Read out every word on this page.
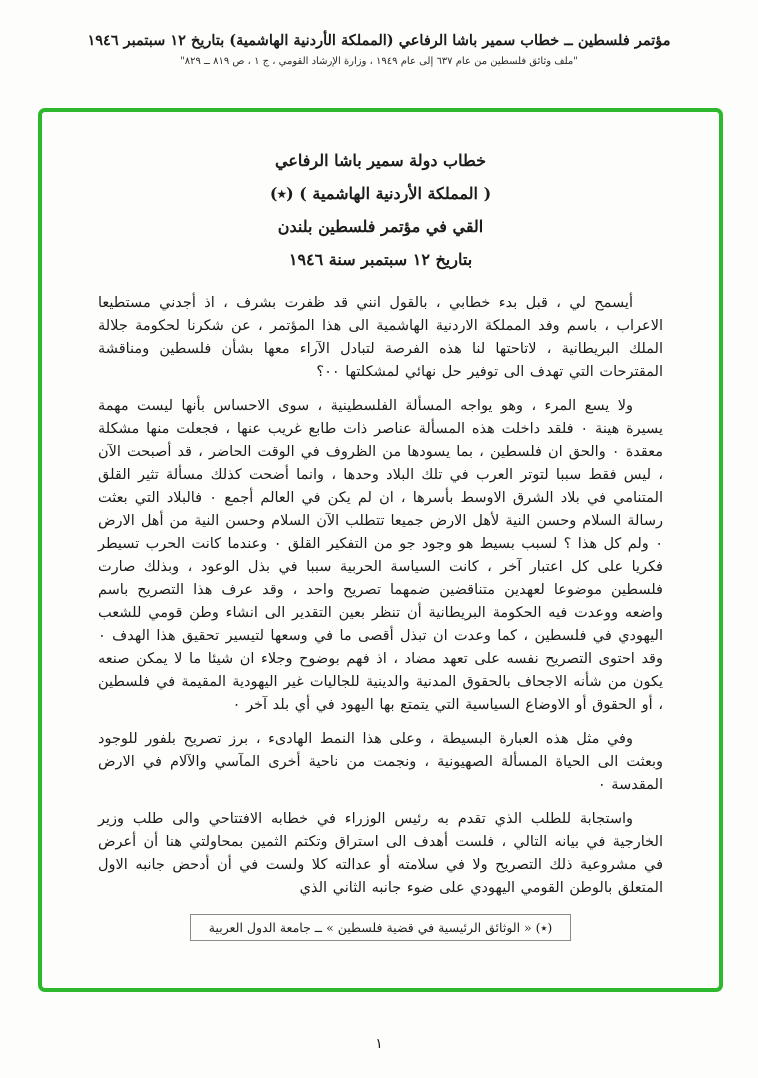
مؤتمر فلسطين ــ خطاب سمير باشا الرفاعي (المملكة الأردنية الهاشمية) بتاريخ ١٢ سبتمبر ١٩٤٦
"ملف وثائق فلسطين من عام ٦٣٧ إلى عام ١٩٤٩ ، وزارة الإرشاد القومي ، ج ١ ، ص ٨١٩ ــ ٨٢٩"
خطاب دولة سمير باشا الرفاعي
( المملكة الأردنية الهاشمية ) (٭)
القي في مؤتمر فلسطين بلندن
بتاريخ ١٢ سبتمبر سنة ١٩٤٦

أيسمح لي ، قبل بدء خطابي ، بالقول انني قد ظفرت بشرف ، اذ أجدني مستطيعا الاعراب ، باسم وفد المملكة الاردنية الهاشمية الى هذا المؤتمر ، عن شكرنا لحكومة جلالة الملك البريطانية ، لاتاحتها لنا هذه الفرصة لتبادل الآراء معها بشأن فلسطين ومناقشة المقترحات التي تهدف الى توفير حل نهائي لمشكلتها ٠٠؟

ولا يسع المرء ، وهو يواجه المسألة الفلسطينية ، سوى الاحساس بأنها ليست مهمة يسيرة هينة ٠ فلقد داخلت هذه المسألة عناصر ذات طابع غريب عنها ، فجعلت منها مشكلة معقدة ٠ والحق ان فلسطين ، بما يسودها من الظروف في الوقت الحاضر ، قد أصبحت الآن ، ليس فقط سببا لتوتر العرب في تلك البلاد وحدها ، وانما أضحت كذلك مسألة تثير القلق المتنامي في بلاد الشرق الاوسط بأسرها ، ان لم يكن في العالم أجمع ٠ فالبلاد التي بعثت رسالة السلام وحسن النية لأهل الارض جميعا تتطلب الآن السلام وحسن النية من أهل الارض ٠ ولم كل هذا ؟ لسبب بسيط هو وجود جو من التفكير القلق ٠ وعندما كانت الحرب تسيطر فكريا على كل اعتبار آخر ، كانت السياسة الحربية سببا في بذل الوعود ، وبذلك صارت فلسطين موضوعا لعهدين متناقضين ضمهما تصريح واحد ، وقد عرف هذا التصريح باسم واضعه ووعدت فيه الحكومة البريطانية أن تنظر بعين التقدير الى انشاء وطن قومي للشعب اليهودي في فلسطين ، كما وعدت ان تبذل أقصى ما في وسعها لتيسير تحقيق هذا الهدف ٠ وقد احتوى التصريح نفسه على تعهد مضاد ، اذ فهم بوضوح وجلاء ان شيئا ما لا يمكن صنعه يكون من شأنه الاجحاف بالحقوق المدنية والدينية للجاليات غير اليهودية المقيمة في فلسطين ، أو الحقوق أو الاوضاع السياسية التي يتمتع بها اليهود في أي بلد آخر ٠

وفي مثل هذه العبارة البسيطة ، وعلى هذا النمط الهادىء ، برز تصريح بلفور للوجود وبعثت الى الحياة المسألة الصهيونية ، ونجمت من ناحية أخرى المآسي والآلام في الارض المقدسة ٠

واستجابة للطلب الذي تقدم به رئيس الوزراء في خطابه الافتتاحي والى طلب وزير الخارجية في بيانه التالي ، فلست أهدف الى استراق وتكتم الثمين بمحاولتي هنا أن أعرض في مشروعية ذلك التصريح ولا في سلامته أو عدالته كلا ولست في أن أدحض جانبه الاول المتعلق بالوطن القومي اليهودي على ضوء جانبه الثاني الذي

(٭) « الوثائق الرئيسية في قضية فلسطين » ــ جامعة الدول العربية
١
